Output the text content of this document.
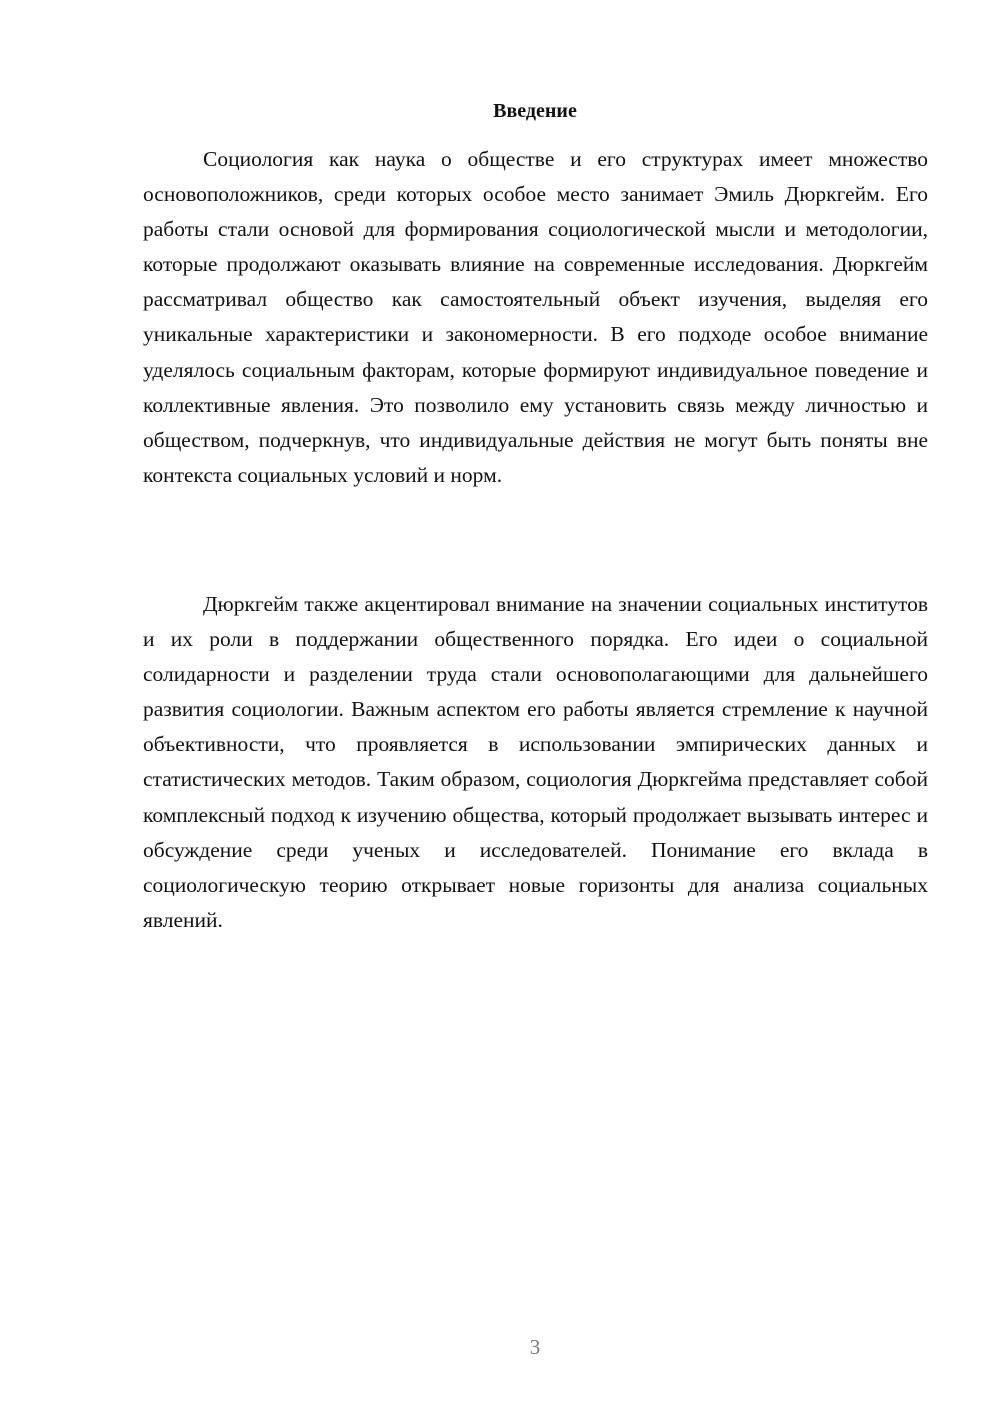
Введение

Социология как наука о обществе и его структурах имеет множество основоположников, среди которых особое место занимает Эмиль Дюркгейм. Его работы стали основой для формирования социологической мысли и методологии, которые продолжают оказывать влияние на современные исследования. Дюркгейм рассматривал общество как самостоятельный объект изучения, выделяя его уникальные характеристики и закономерности. В его подходе особое внимание уделялось социальным факторам, которые формируют индивидуальное поведение и коллективные явления. Это позволило ему установить связь между личностью и обществом, подчеркнув, что индивидуальные действия не могут быть поняты вне контекста социальных условий и норм.

Дюркгейм также акцентировал внимание на значении социальных институтов и их роли в поддержании общественного порядка. Его идеи о социальной солидарности и разделении труда стали основополагающими для дальнейшего развития социологии. Важным аспектом его работы является стремление к научной объективности, что проявляется в использовании эмпирических данных и статистических методов. Таким образом, социология Дюркгейма представляет собой комплексный подход к изучению общества, который продолжает вызывать интерес и обсуждение среди ученых и исследователей. Понимание его вклада в социологическую теорию открывает новые горизонты для анализа социальных явлений.

3
